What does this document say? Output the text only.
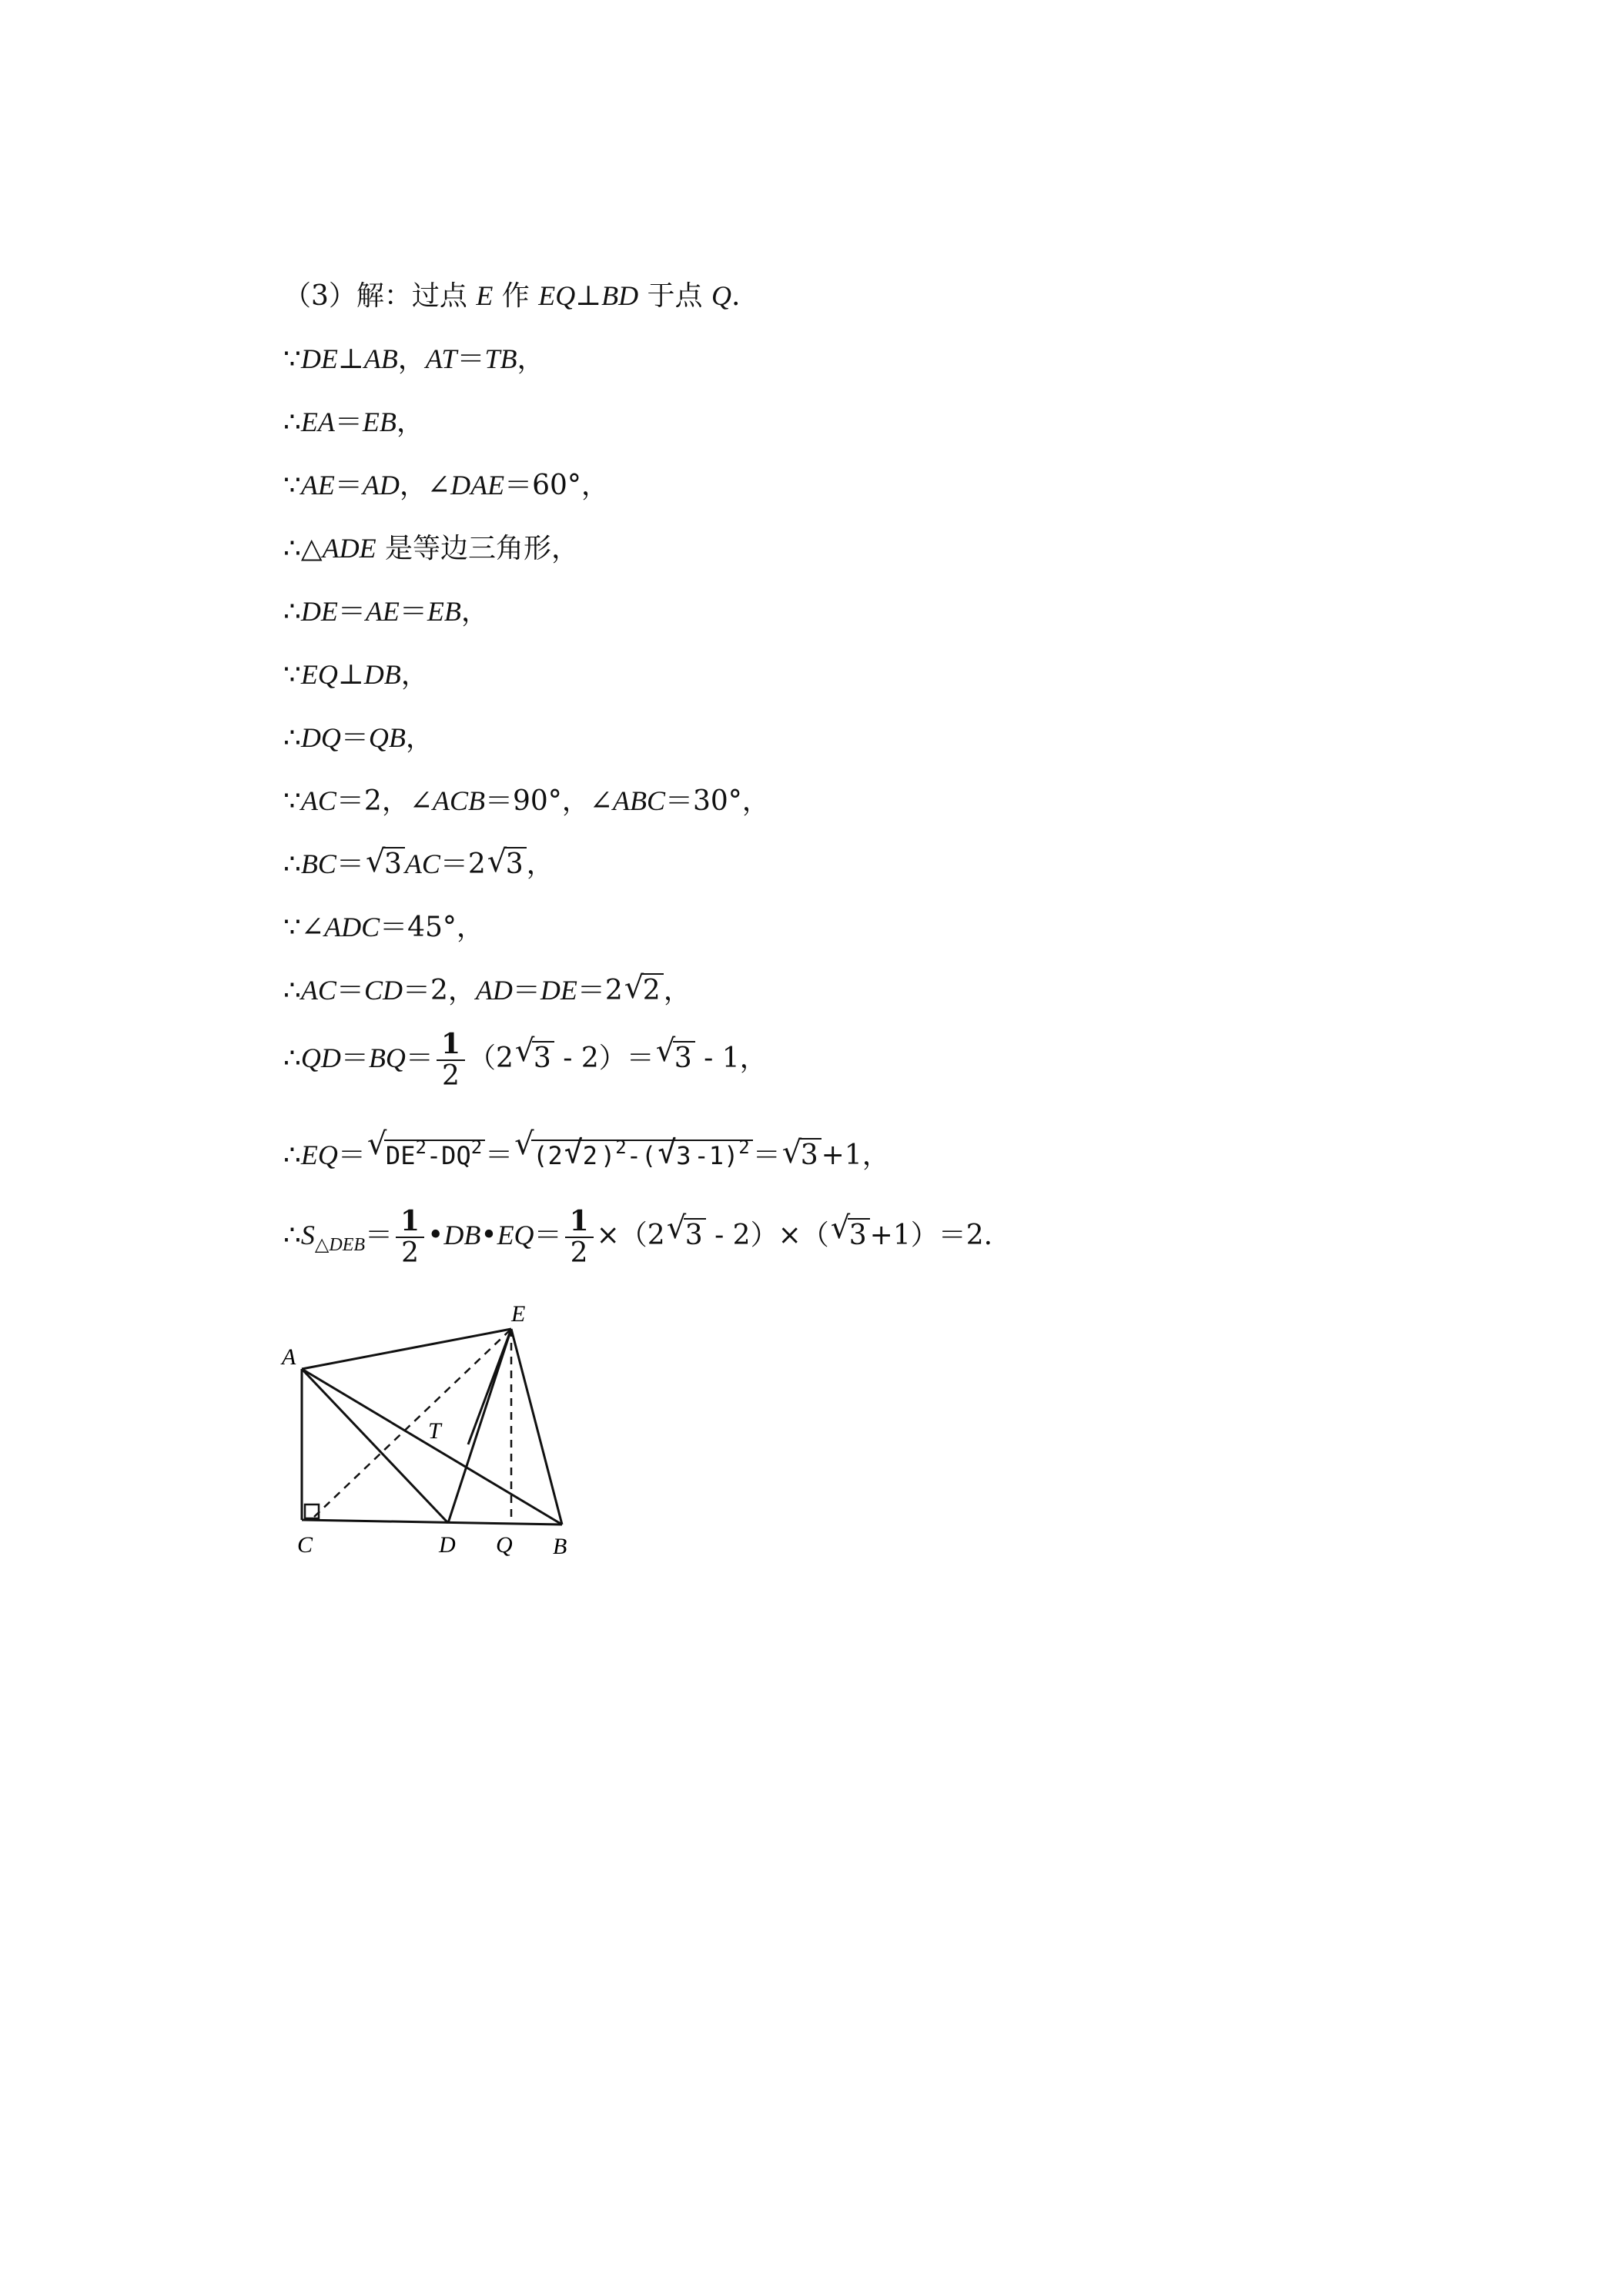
（3）解：过点 E 作 EQ⊥BD 于点 Q.
∵DE⊥AB，AT＝TB，
∴EA＝EB，
∵AE＝AD，∠DAE＝60°，
∴△ADE 是等边三角形，
∴DE＝AE＝EB，
∵EQ⊥DB，
∴DQ＝QB，
∵AC＝2，∠ACB＝90°，∠ABC＝30°，
∴BC＝ √
3 AC＝2 √
3 ，
∵∠ADC＝45°，
∴AC＝CD＝2，AD＝DE＝2 √
2 ，
∴QD＝BQ＝ $\frac{1}{2} (2$ √
3 - 2）＝ √
3 - 1，
∴EQ＝ √
$DE^2-DQ^2$ ＝ √
(2 √ 2 )$^2$-( √ 3 -1)$^2$ ＝ √
3 +1，
$\therefore S_{\triangle DEB}= \frac{1}{2}$ •DB•EQ＝ $\frac{1}{2} \times(2$ √
3 - 2）×（ √
3 +1）＝2.
A
E
T
C	D Q B
